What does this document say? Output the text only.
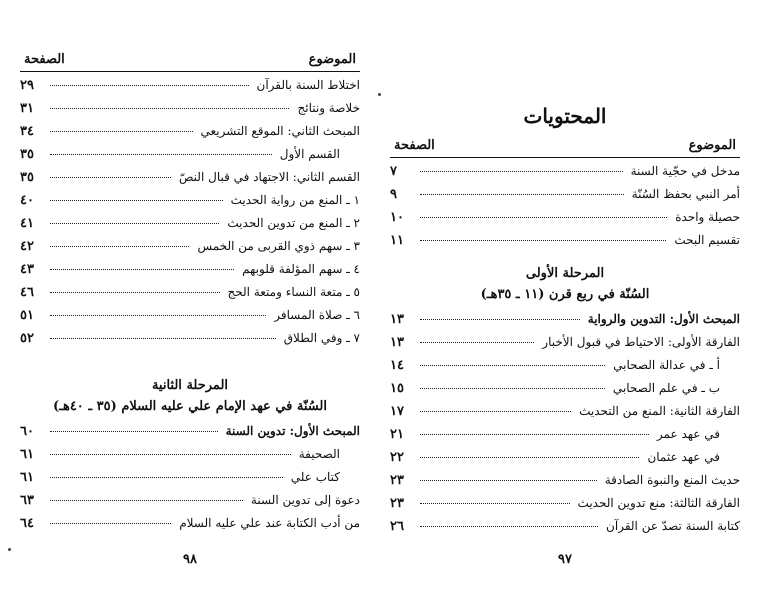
الموضوع
الصفحة
اختلاط السنة بالقرآن
٢٩
خلاصة ونتائج
٣١
المبحث الثاني: الموقع التشريعي
٣٤
القسم الأول
٣٥
القسم الثاني: الاجتهاد في قبال النصّ
٣٥
١ ـ المنع من رواية الحديث
٤٠
٢ ـ المنع من تدوين الحديث
٤١
٣ ـ سهم ذوي القربى من الخمس
٤٢
٤ ـ سهم المؤلفة قلوبهم
٤٣
٥ ـ متعة النساء ومتعة الحج
٤٦
٦ ـ صلاة المسافر
٥١
٧ ـ وفي الطلاق
٥٢
المرحلة الثانية
السُنّة في عهد الإمام علي عليه السلام (٣٥ ـ ٤٠هـ)
المبحث الأول: تدوين السنة
٦٠
الصحيفة
٦١
كتاب علي
٦١
دعوة إلى تدوين السنة
٦٣
من أدب الكتابة عند علي عليه السلام
٦٤
٩٨
المحتويات
الموضوع
الصفحة
مدخل في حجّية السنة
٧
أمر النبي بحفظ السُنّة
٩
حصيلة واحدة
١٠
تقسيم البحث
١١
المرحلة الأولى
السُنّة في ربع قرن (١١ ـ ٣٥هـ)
المبحث الأول: التدوين والرواية
١٣
الفارقة الأولى: الاحتياط في قبول الأخبار
١٣
أ ـ في عدالة الصحابي
١٤
ب ـ في علم الصحابي
١٥
الفارقة الثانية: المنع من التحديث
١٧
في عهد عمر
٢١
في عهد عثمان
٢٢
حديث المنع والنبوة الصادقة
٢٣
الفارقة الثالثة: منع تدوين الحديث
٢٣
كتابة السنة تصدّ عن القرآن
٢٦
٩٧
